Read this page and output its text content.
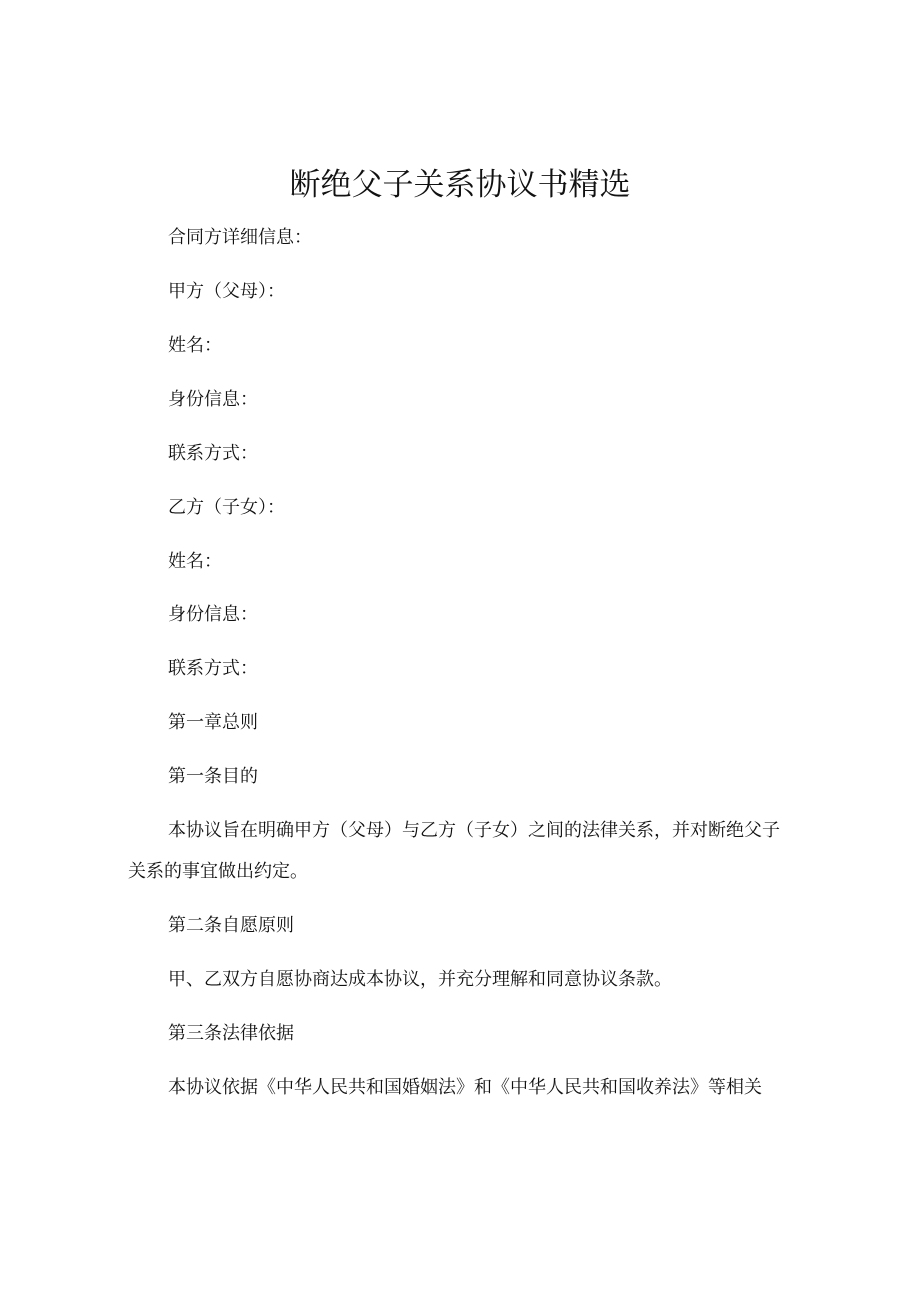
断绝父子关系协议书精选

合同方详细信息：

甲方（父母）：

姓名：

身份信息：

联系方式：

乙方（子女）：

姓名：

身份信息：

联系方式：

第一章总则

第一条目的

本协议旨在明确甲方（父母）与乙方（子女）之间的法律关系，并对断绝父子

关系的事宜做出约定。

第二条自愿原则

甲、乙双方自愿协商达成本协议，并充分理解和同意协议条款。

第三条法律依据

本协议依据《中华人民共和国婚姻法》和《中华人民共和国收养法》等相关
